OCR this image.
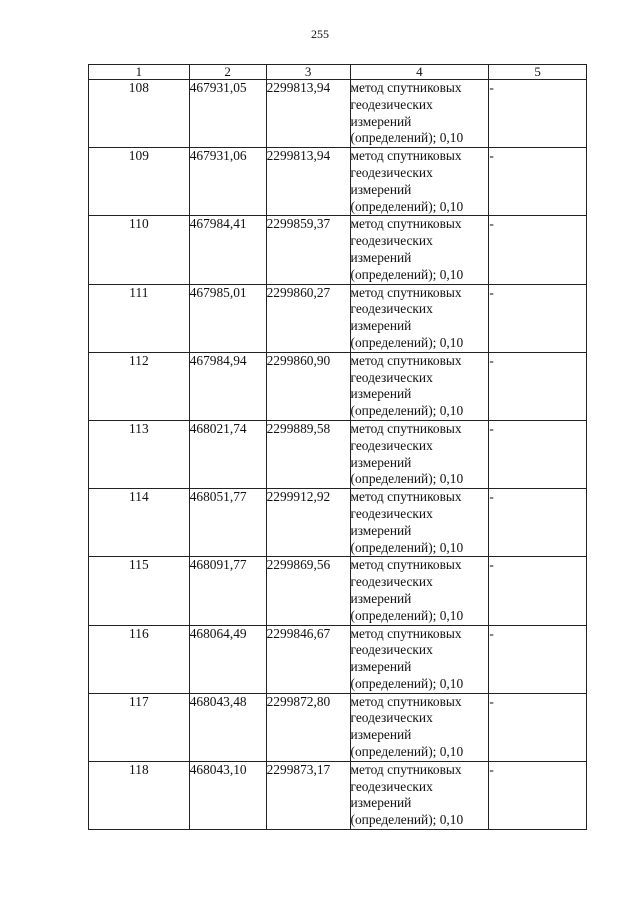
255
1	2	3	4	5
108	467931,05	2299813,94	метод спутниковых
геодезических
измерений
(определений); 0,10	-
109	467931,06	2299813,94	метод спутниковых
геодезических
измерений
(определений); 0,10	-
110	467984,41	2299859,37	метод спутниковых
геодезических
измерений
(определений); 0,10	-
111	467985,01	2299860,27	метод спутниковых
геодезических
измерений
(определений); 0,10	-
112	467984,94	2299860,90	метод спутниковых
геодезических
измерений
(определений); 0,10	-
113	468021,74	2299889,58	метод спутниковых
геодезических
измерений
(определений); 0,10	-
114	468051,77	2299912,92	метод спутниковых
геодезических
измерений
(определений); 0,10	-
115	468091,77	2299869,56	метод спутниковых
геодезических
измерений
(определений); 0,10	-
116	468064,49	2299846,67	метод спутниковых
геодезических
измерений
(определений); 0,10	-
117	468043,48	2299872,80	метод спутниковых
геодезических
измерений
(определений); 0,10	-
118	468043,10	2299873,17	метод спутниковых
геодезических
измерений
(определений); 0,10	-
